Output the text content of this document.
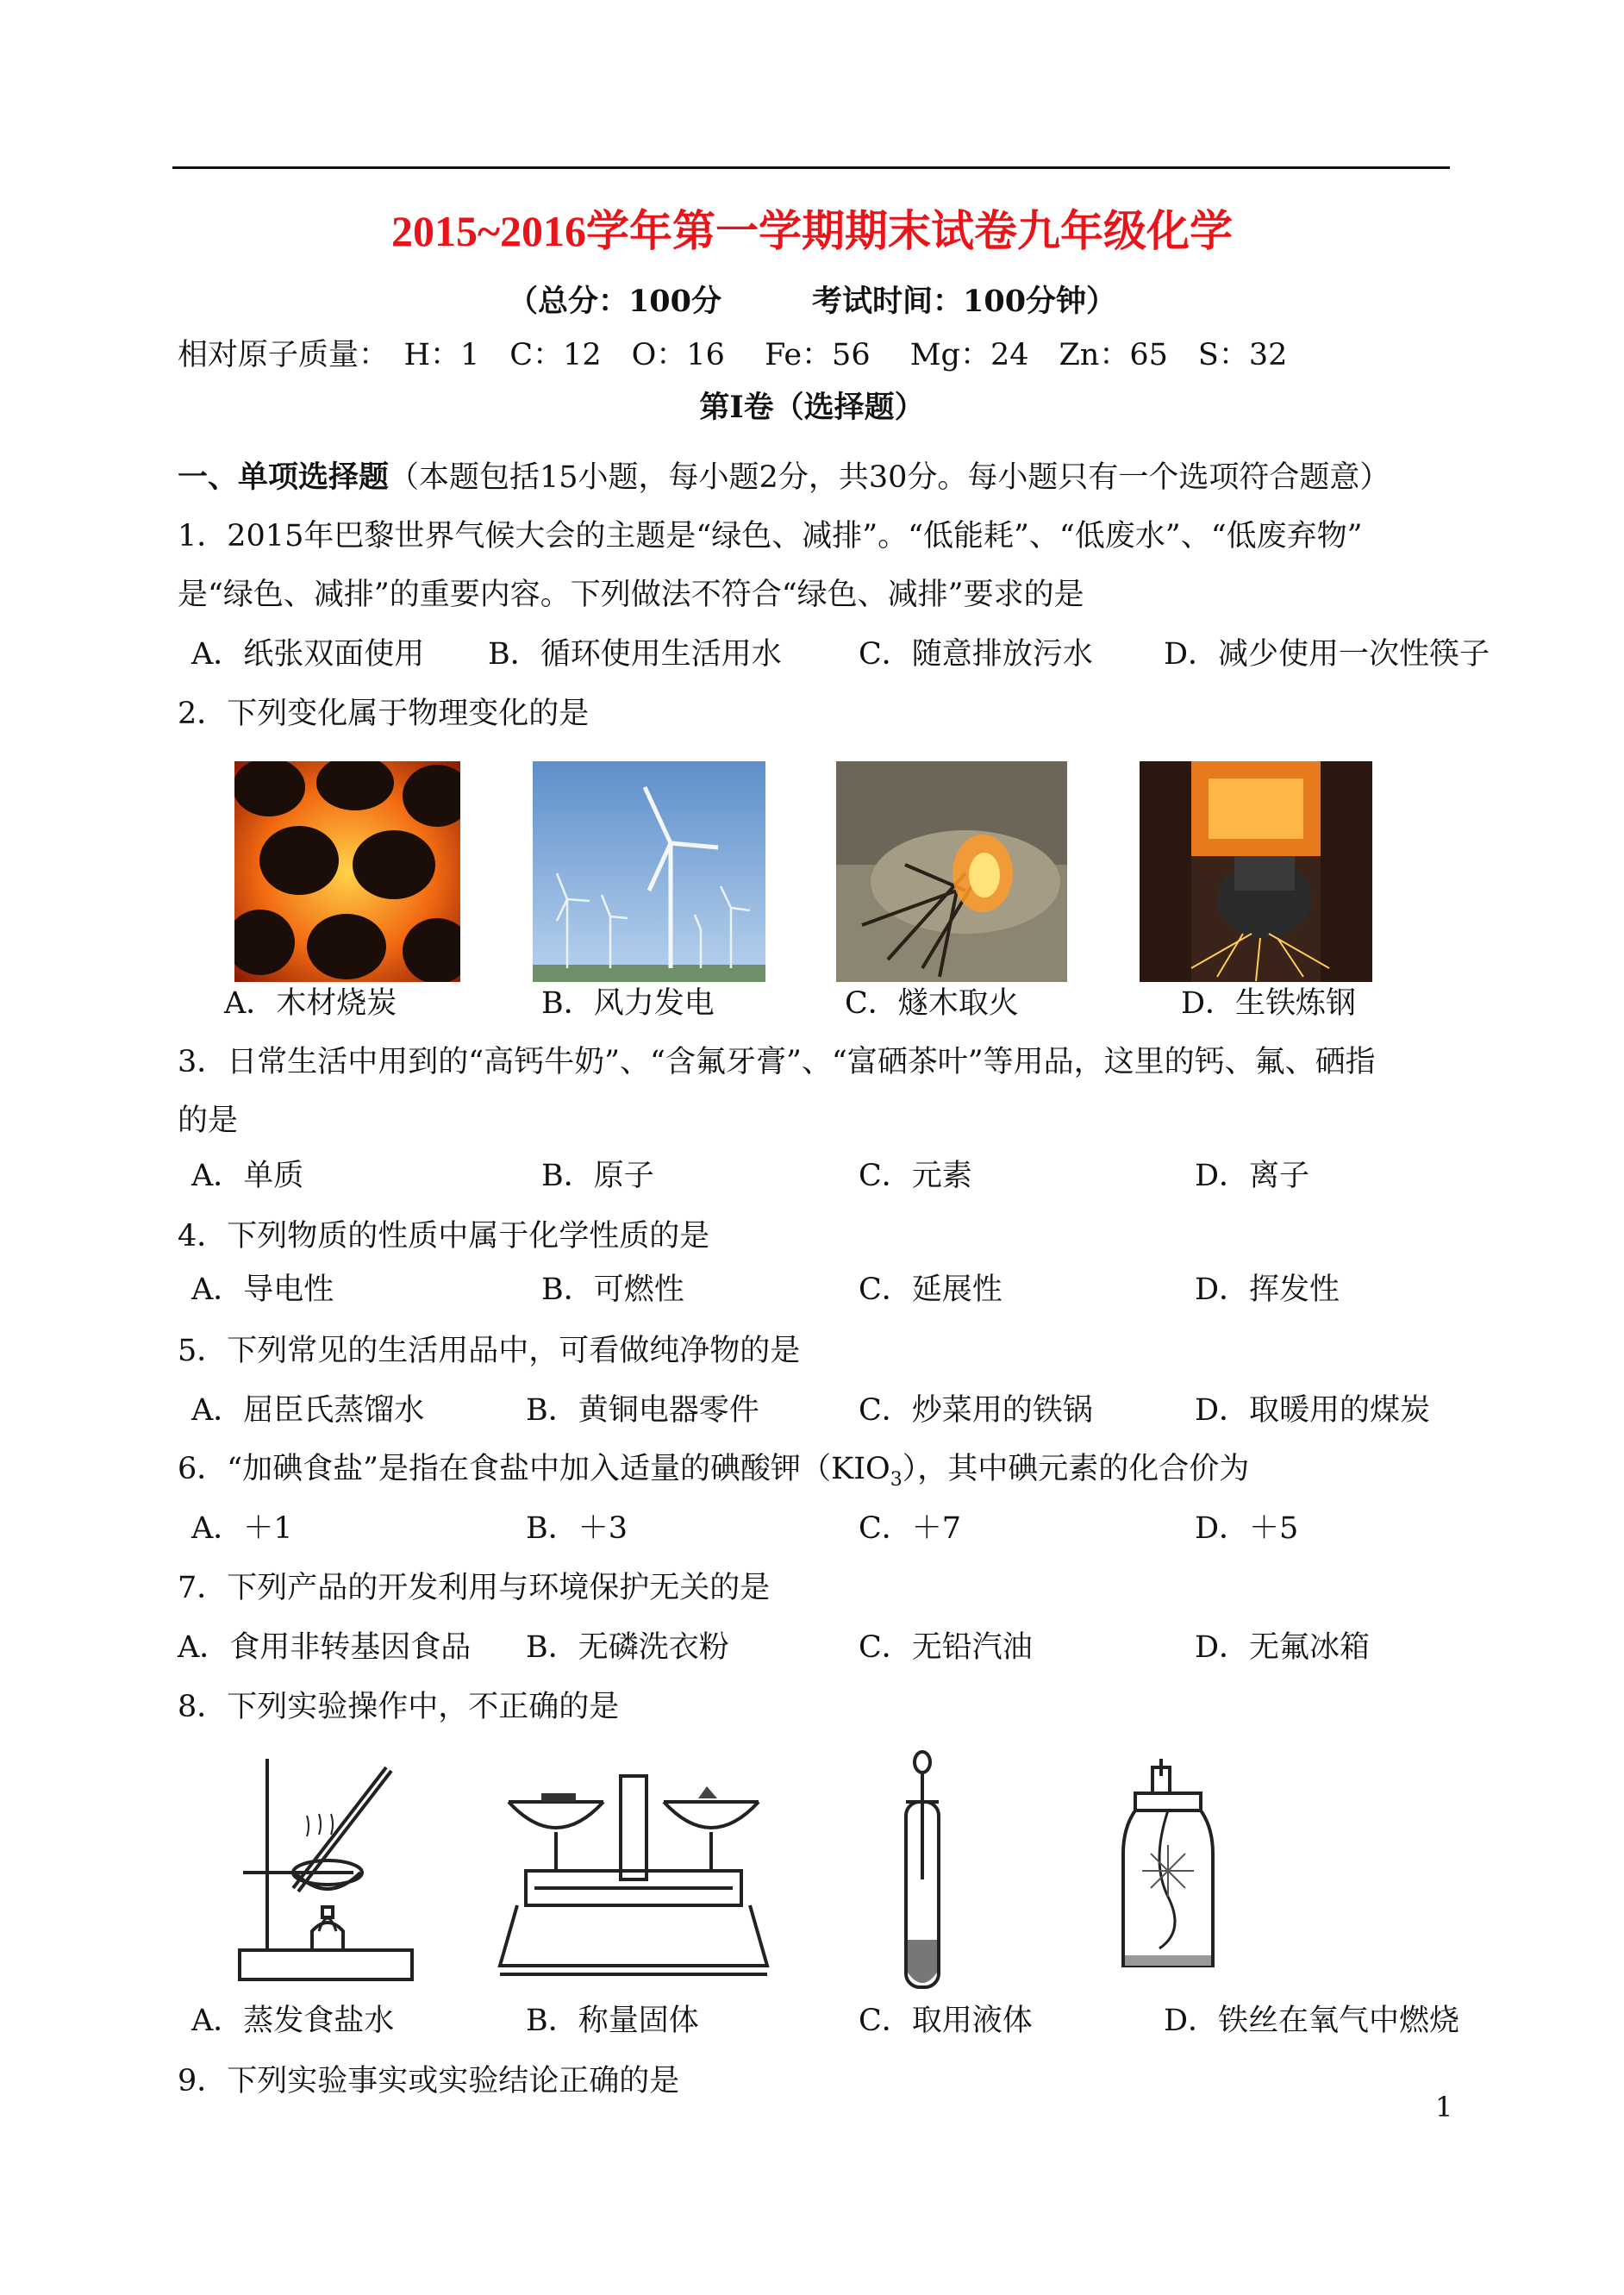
2015~2016学年第一学期期末试卷九年级化学
（总分：100分　　　考试时间：100分钟）
相对原子质量：　H：1　C：12　O：16　 Fe：56　 Mg：24　Zn：65　S：32
第Ⅰ卷（选择题）
一、单项选择题（本题包括15小题，每小题2分，共30分。每小题只有一个选项符合题意）
1．2015年巴黎世界气候大会的主题是“绿色、减排”。“低能耗”、“低废水”、“低废弃物”
是“绿色、减排”的重要内容。下列做法不符合“绿色、减排”要求的是
A．纸张双面使用 B．循环使用生活用水	C．随意排放污水 D．减少使用一次性筷子
2．下列变化属于物理变化的是
A．木材烧炭	B．风力发电	C．燧木取火	D．生铁炼钢
3．日常生活中用到的“高钙牛奶”、“含氟牙膏”、“富硒茶叶”等用品，这里的钙、氟、硒指
的是
A．单质	B．原子	C．元素	D．离子
4．下列物质的性质中属于化学性质的是
A．导电性	B．可燃性	C．延展性	D．挥发性
5．下列常见的生活用品中，可看做纯净物的是
A．屈臣氏蒸馏水	B．黄铜电器零件	C．炒菜用的铁锅	D．取暖用的煤炭
6．“加碘食盐”是指在食盐中加入适量的碘酸钾$(KIO_3)$，其中碘元素的化合价为
A．＋1	B．＋3	C．＋7	D．＋5
7．下列产品的开发利用与环境保护无关的是
A．食用非转基因食品 B．无磷洗衣粉	C．无铅汽油	D．无氟冰箱
8．下列实验操作中，不正确的是
A．蒸发食盐水	B．称量固体	C．取用液体	D．铁丝在氧气中燃烧
9．下列实验事实或实验结论正确的是
1
